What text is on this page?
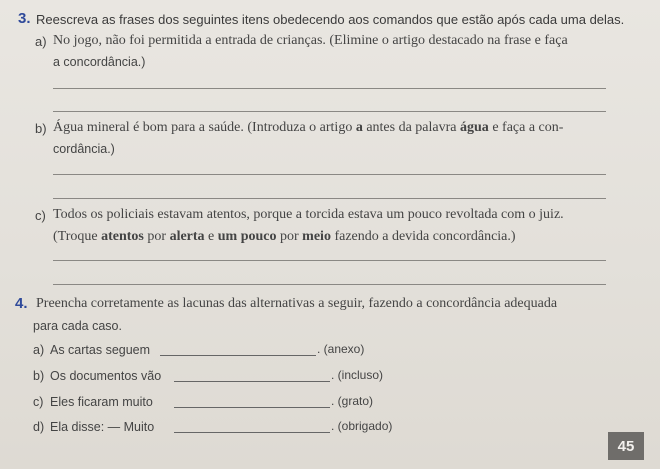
3. Reescreva as frases dos seguintes itens obedecendo aos comandos que estão após cada uma delas.
a) No jogo, não foi permitida a entrada de crianças. (Elimine o artigo destacado na frase e faça
a concordância.)
b) Água mineral é bom para a saúde. (Introduza o artigo a antes da palavra água e faça a con-
cordância.)
c) Todos os policiais estavam atentos, porque a torcida estava um pouco revoltada com o juiz.
(Troque atentos por alerta e um pouco por meio fazendo a devida concordância.)
4. Preencha corretamente as lacunas das alternativas a seguir, fazendo a concordância adequada
para cada caso.
a) As cartas seguem	. (anexo)
b) Os documentos vão	. (incluso)
c) Eles ficaram muito	. (grato)
d) Ela disse: — Muito	. (obrigado)
45
